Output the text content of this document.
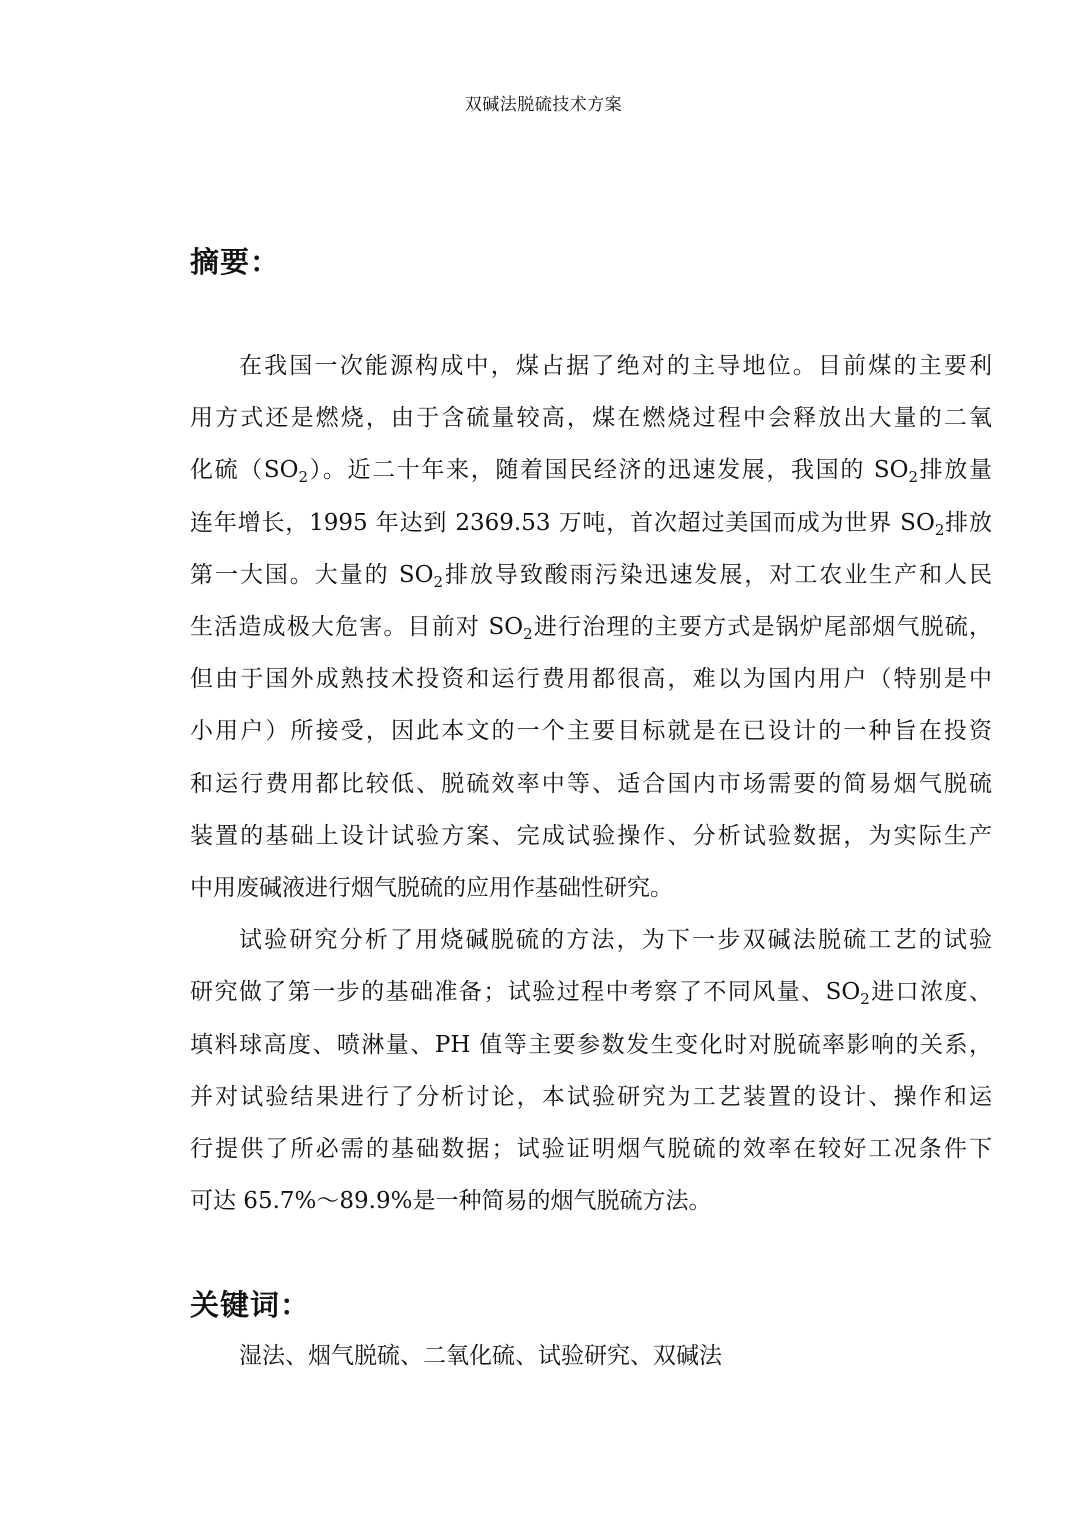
双碱法脱硫技术方案
摘要：
在我国一次能源构成中，煤占据了绝对的主导地位。目前煤的主要利
用方式还是燃烧，由于含硫量较高，煤在燃烧过程中会释放出大量的二氧
化硫$(SO_2)$。近二十年来，随着国民经济的迅速发展，我国的 $SO_2$排放量
连年增长，1995 年达到 2369.53 万吨，首次超过美国而成为世界 $SO_2$排放
第一大国。大量的 $SO_2$排放导致酸雨污染迅速发展，对工农业生产和人民
生活造成极大危害。目前对 $SO_2$进行治理的主要方式是锅炉尾部烟气脱硫，
但由于国外成熟技术投资和运行费用都很高，难以为国内用户（特别是中
小用户）所接受，因此本文的一个主要目标就是在已设计的一种旨在投资
和运行费用都比较低、脱硫效率中等、适合国内市场需要的简易烟气脱硫
装置的基础上设计试验方案、完成试验操作、分析试验数据，为实际生产
中用废碱液进行烟气脱硫的应用作基础性研究。
试验研究分析了用烧碱脱硫的方法，为下一步双碱法脱硫工艺的试验
研究做了第一步的基础准备；试验过程中考察了不同风量、$SO_2$进口浓度、
填料球高度、喷淋量、PH 值等主要参数发生变化时对脱硫率影响的关系，
并对试验结果进行了分析讨论，本试验研究为工艺装置的设计、操作和运
行提供了所必需的基础数据；试验证明烟气脱硫的效率在较好工况条件下
可达 65.7%～89.9%是一种简易的烟气脱硫方法。
关键词：
湿法、烟气脱硫、二氧化硫、试验研究、双碱法
